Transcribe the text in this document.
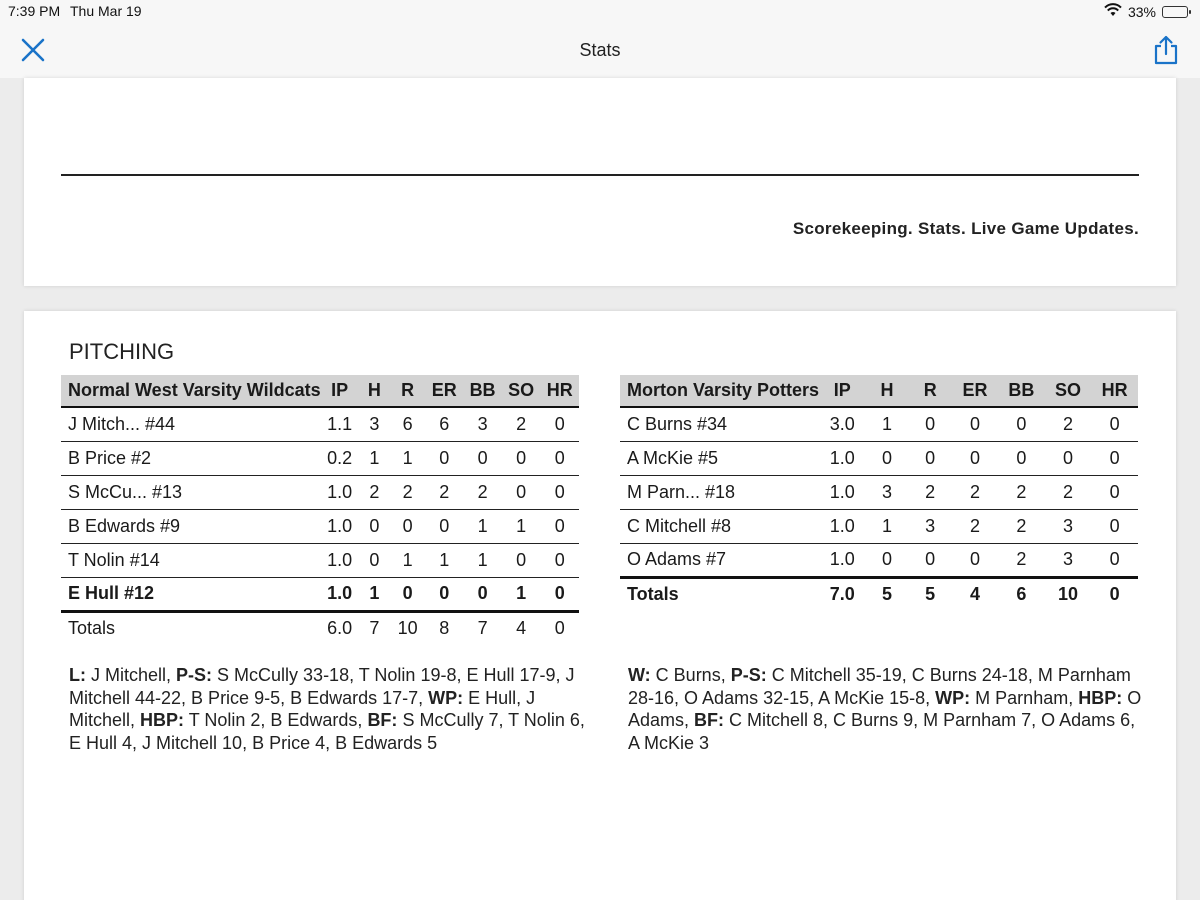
7:39 PM Thu Mar 19	33%
Stats
Scorekeeping. Stats. Live Game Updates.
PITCHING
Normal West Varsity Wildcats	IP	H	R	ER	BB	SO	HR
J Mitch... #44	1.1	3	6	6	3	2	0
B Price #2	0.2	1	1	0	0	0	0
S McCu... #13	1.0	2	2	2	2	0	0
B Edwards #9	1.0	0	0	0	1	1	0
T Nolin #14	1.0	0	1	1	1	0	0
E Hull #12	1.0	1	0	0	0	1	0
Totals	6.0	7	10	8	7	4	0
Morton Varsity Potters	IP	H	R	ER	BB	SO	HR
C Burns #34	3.0	1	0	0	0	2	0
A McKie #5	1.0	0	0	0	0	0	0
M Parn... #18	1.0	3	2	2	2	2	0
C Mitchell #8	1.0	1	3	2	2	3	0
O Adams #7	1.0	0	0	0	2	3	0
Totals	7.0	5	5	4	6	10	0
L: J Mitchell, P-S: S McCully 33-18, T Nolin 19-8, E Hull 17-9, J Mitchell 44-22, B Price 9-5, B Edwards 17-7, WP: E Hull, J Mitchell, HBP: T Nolin 2, B Edwards, BF: S McCully 7, T Nolin 6, E Hull 4, J Mitchell 10, B Price 4, B Edwards 5
W: C Burns, P-S: C Mitchell 35-19, C Burns 24-18, M Parnham 28-16, O Adams 32-15, A McKie 15-8, WP: M Parnham, HBP: O Adams, BF: C Mitchell 8, C Burns 9, M Parnham 7, O Adams 6, A McKie 3
